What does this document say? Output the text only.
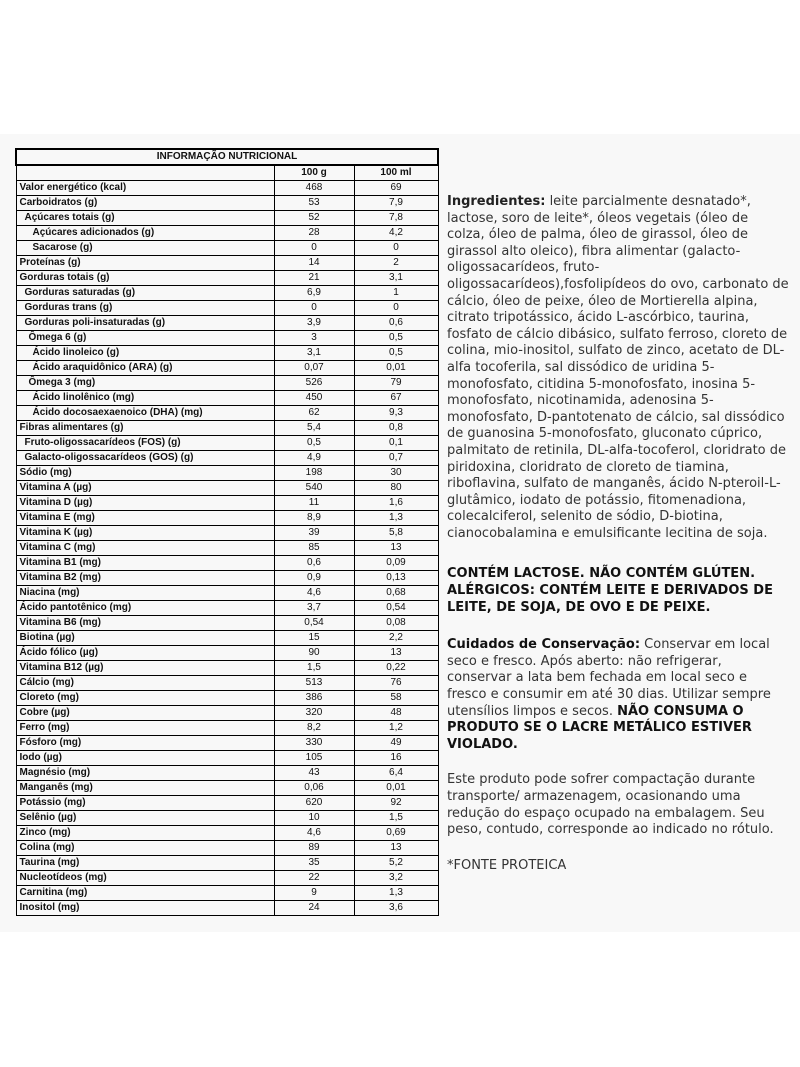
INFORMAÇÃO NUTRICIONAL		
	100 g	100 ml
Valor energético (kcal)	468	69
Carboidratos (g)	53	7,9
Açúcares totais (g)	52	7,8
Açúcares adicionados (g)	28	4,2
Sacarose (g)	0	0
Proteínas (g)	14	2
Gorduras totais (g)	21	3,1
Gorduras saturadas (g)	6,9	1
Gorduras trans (g)	0	0
Gorduras poli-insaturadas (g)	3,9	0,6
Ômega 6 (g)	3	0,5
Ácido linoleico (g)	3,1	0,5
Ácido araquidônico (ARA) (g)	0,07	0,01
Ômega 3 (mg)	526	79
Ácido linolênico (mg)	450	67
Ácido docosaexaenoico (DHA) (mg)	62	9,3
Fibras alimentares (g)	5,4	0,8
Fruto-oligossacarídeos (FOS) (g)	0,5	0,1
Galacto-oligossacarídeos (GOS) (g)	4,9	0,7
Sódio (mg)	198	30
Vitamina A (µg)	540	80
Vitamina D (µg)	11	1,6
Vitamina E (mg)	8,9	1,3
Vitamina K (µg)	39	5,8
Vitamina C (mg)	85	13
Vitamina B1 (mg)	0,6	0,09
Vitamina B2 (mg)	0,9	0,13
Niacina (mg)	4,6	0,68
Ácido pantotênico (mg)	3,7	0,54
Vitamina B6 (mg)	0,54	0,08
Biotina (µg)	15	2,2
Ácido fólico (µg)	90	13
Vitamina B12 (µg)	1,5	0,22
Cálcio (mg)	513	76
Cloreto (mg)	386	58
Cobre (µg)	320	48
Ferro (mg)	8,2	1,2
Fósforo (mg)	330	49
Iodo (µg)	105	16
Magnésio (mg)	43	6,4
Manganês (mg)	0,06	0,01
Potássio (mg)	620	92
Selênio (µg)	10	1,5
Zinco (mg)	4,6	0,69
Colina (mg)	89	13
Taurina (mg)	35	5,2
Nucleotídeos (mg)	22	3,2
Carnitina (mg)	9	1,3
Inositol (mg)	24	3,6

Ingredientes: leite parcialmente desnatado*, lactose, soro de leite*, óleos vegetais (óleo de colza, óleo de palma, óleo de girassol, óleo de girassol alto oleico), fibra alimentar (galacto-oligossacarídeos, fruto-oligossacarídeos),fosfolipídeos do ovo, carbonato de cálcio, óleo de peixe, óleo de Mortierella alpina, citrato tripotássico, ácido L-ascórbico, taurina, fosfato de cálcio dibásico, sulfato ferroso, cloreto de colina, mio-inositol, sulfato de zinco, acetato de DL-alfa tocoferila, sal dissódico de uridina 5-monofosfato, citidina 5-monofosfato, inosina 5-monofosfato, nicotinamida, adenosina 5-monofosfato, D-pantotenato de cálcio, sal dissódico de guanosina 5-monofosfato, gluconato cúprico, palmitato de retinila, DL-alfa-tocoferol, cloridrato de piridoxina, cloridrato de cloreto de tiamina, riboflavina, sulfato de manganês, ácido N-pteroil-L-glutâmico, iodato de potássio, fitomenadiona, colecalciferol, selenito de sódio, D-biotina, cianocobalamina e emulsificante lecitina de soja.

CONTÉM LACTOSE. NÃO CONTÉM GLÚTEN. ALÉRGICOS: CONTÉM LEITE E DERIVADOS DE LEITE, DE SOJA, DE OVO E DE PEIXE.

Cuidados de Conservação: Conservar em local seco e fresco. Após aberto: não refrigerar, conservar a lata bem fechada em local seco e fresco e consumir em até 30 dias. Utilizar sempre utensílios limpos e secos. NÃO CONSUMA O PRODUTO SE O LACRE METÁLICO ESTIVER VIOLADO.

Este produto pode sofrer compactação durante transporte/ armazenagem, ocasionando uma redução do espaço ocupado na embalagem. Seu peso, contudo, corresponde ao indicado no rótulo.

*FONTE PROTEICA
